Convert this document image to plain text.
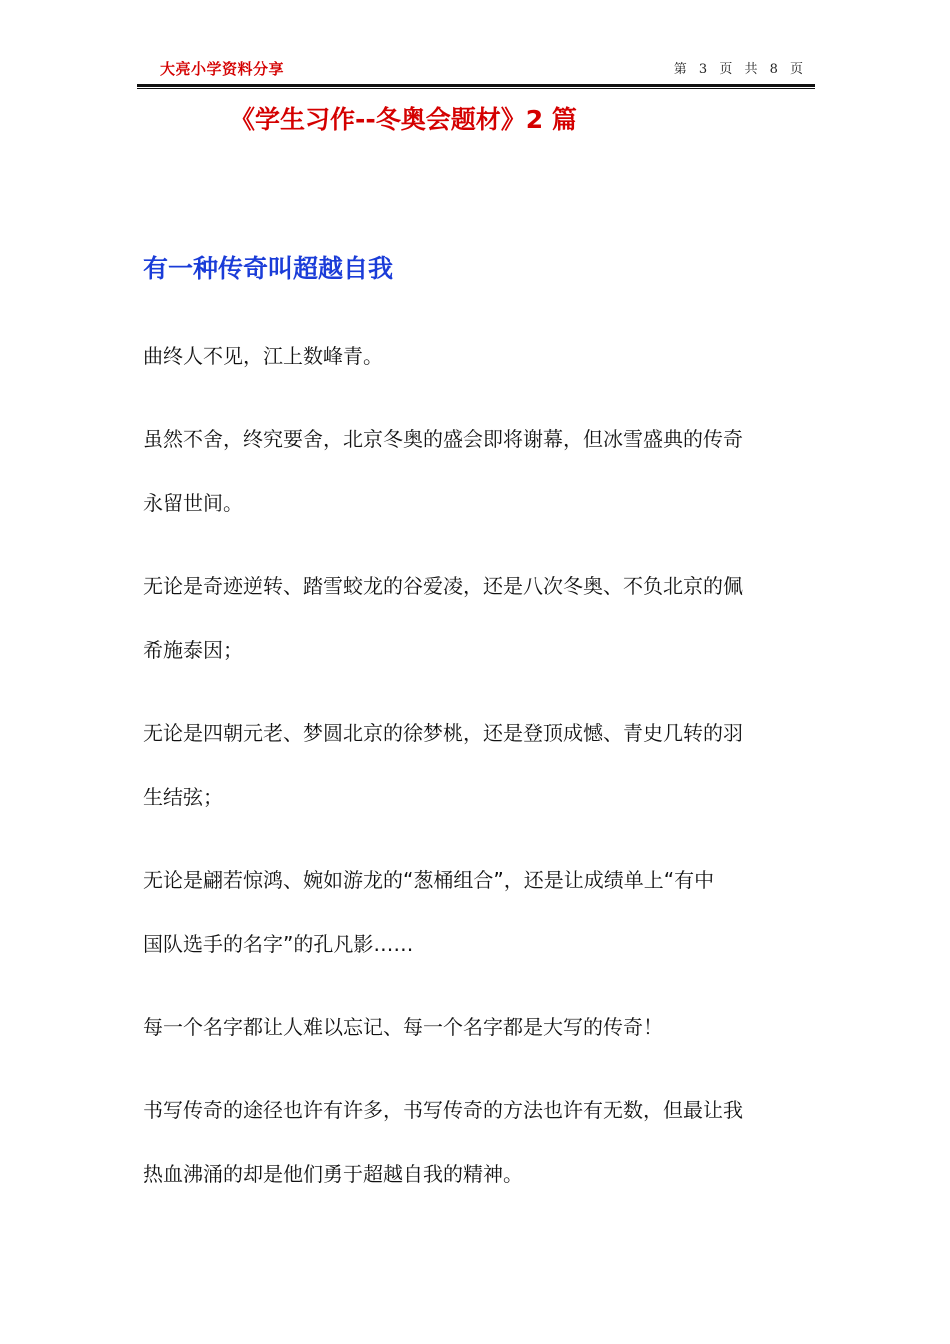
大亮小学资料分享	第 3 页 共 8 页
《学生习作--冬奥会题材》2 篇
有一种传奇叫超越自我
曲终人不见，江上数峰青。
虽然不舍，终究要舍，北京冬奥的盛会即将谢幕，但冰雪盛典的传奇
永留世间。
无论是奇迹逆转、踏雪蛟龙的谷爱凌，还是八次冬奥、不负北京的佩
希施泰因；
无论是四朝元老、梦圆北京的徐梦桃，还是登顶成憾、青史几转的羽
生结弦；
无论是翩若惊鸿、婉如游龙的“葱桶组合”，还是让成绩单上“有中
国队选手的名字”的孔凡影……
每一个名字都让人难以忘记、每一个名字都是大写的传奇！
书写传奇的途径也许有许多，书写传奇的方法也许有无数，但最让我
热血沸涌的却是他们勇于超越自我的精神。
